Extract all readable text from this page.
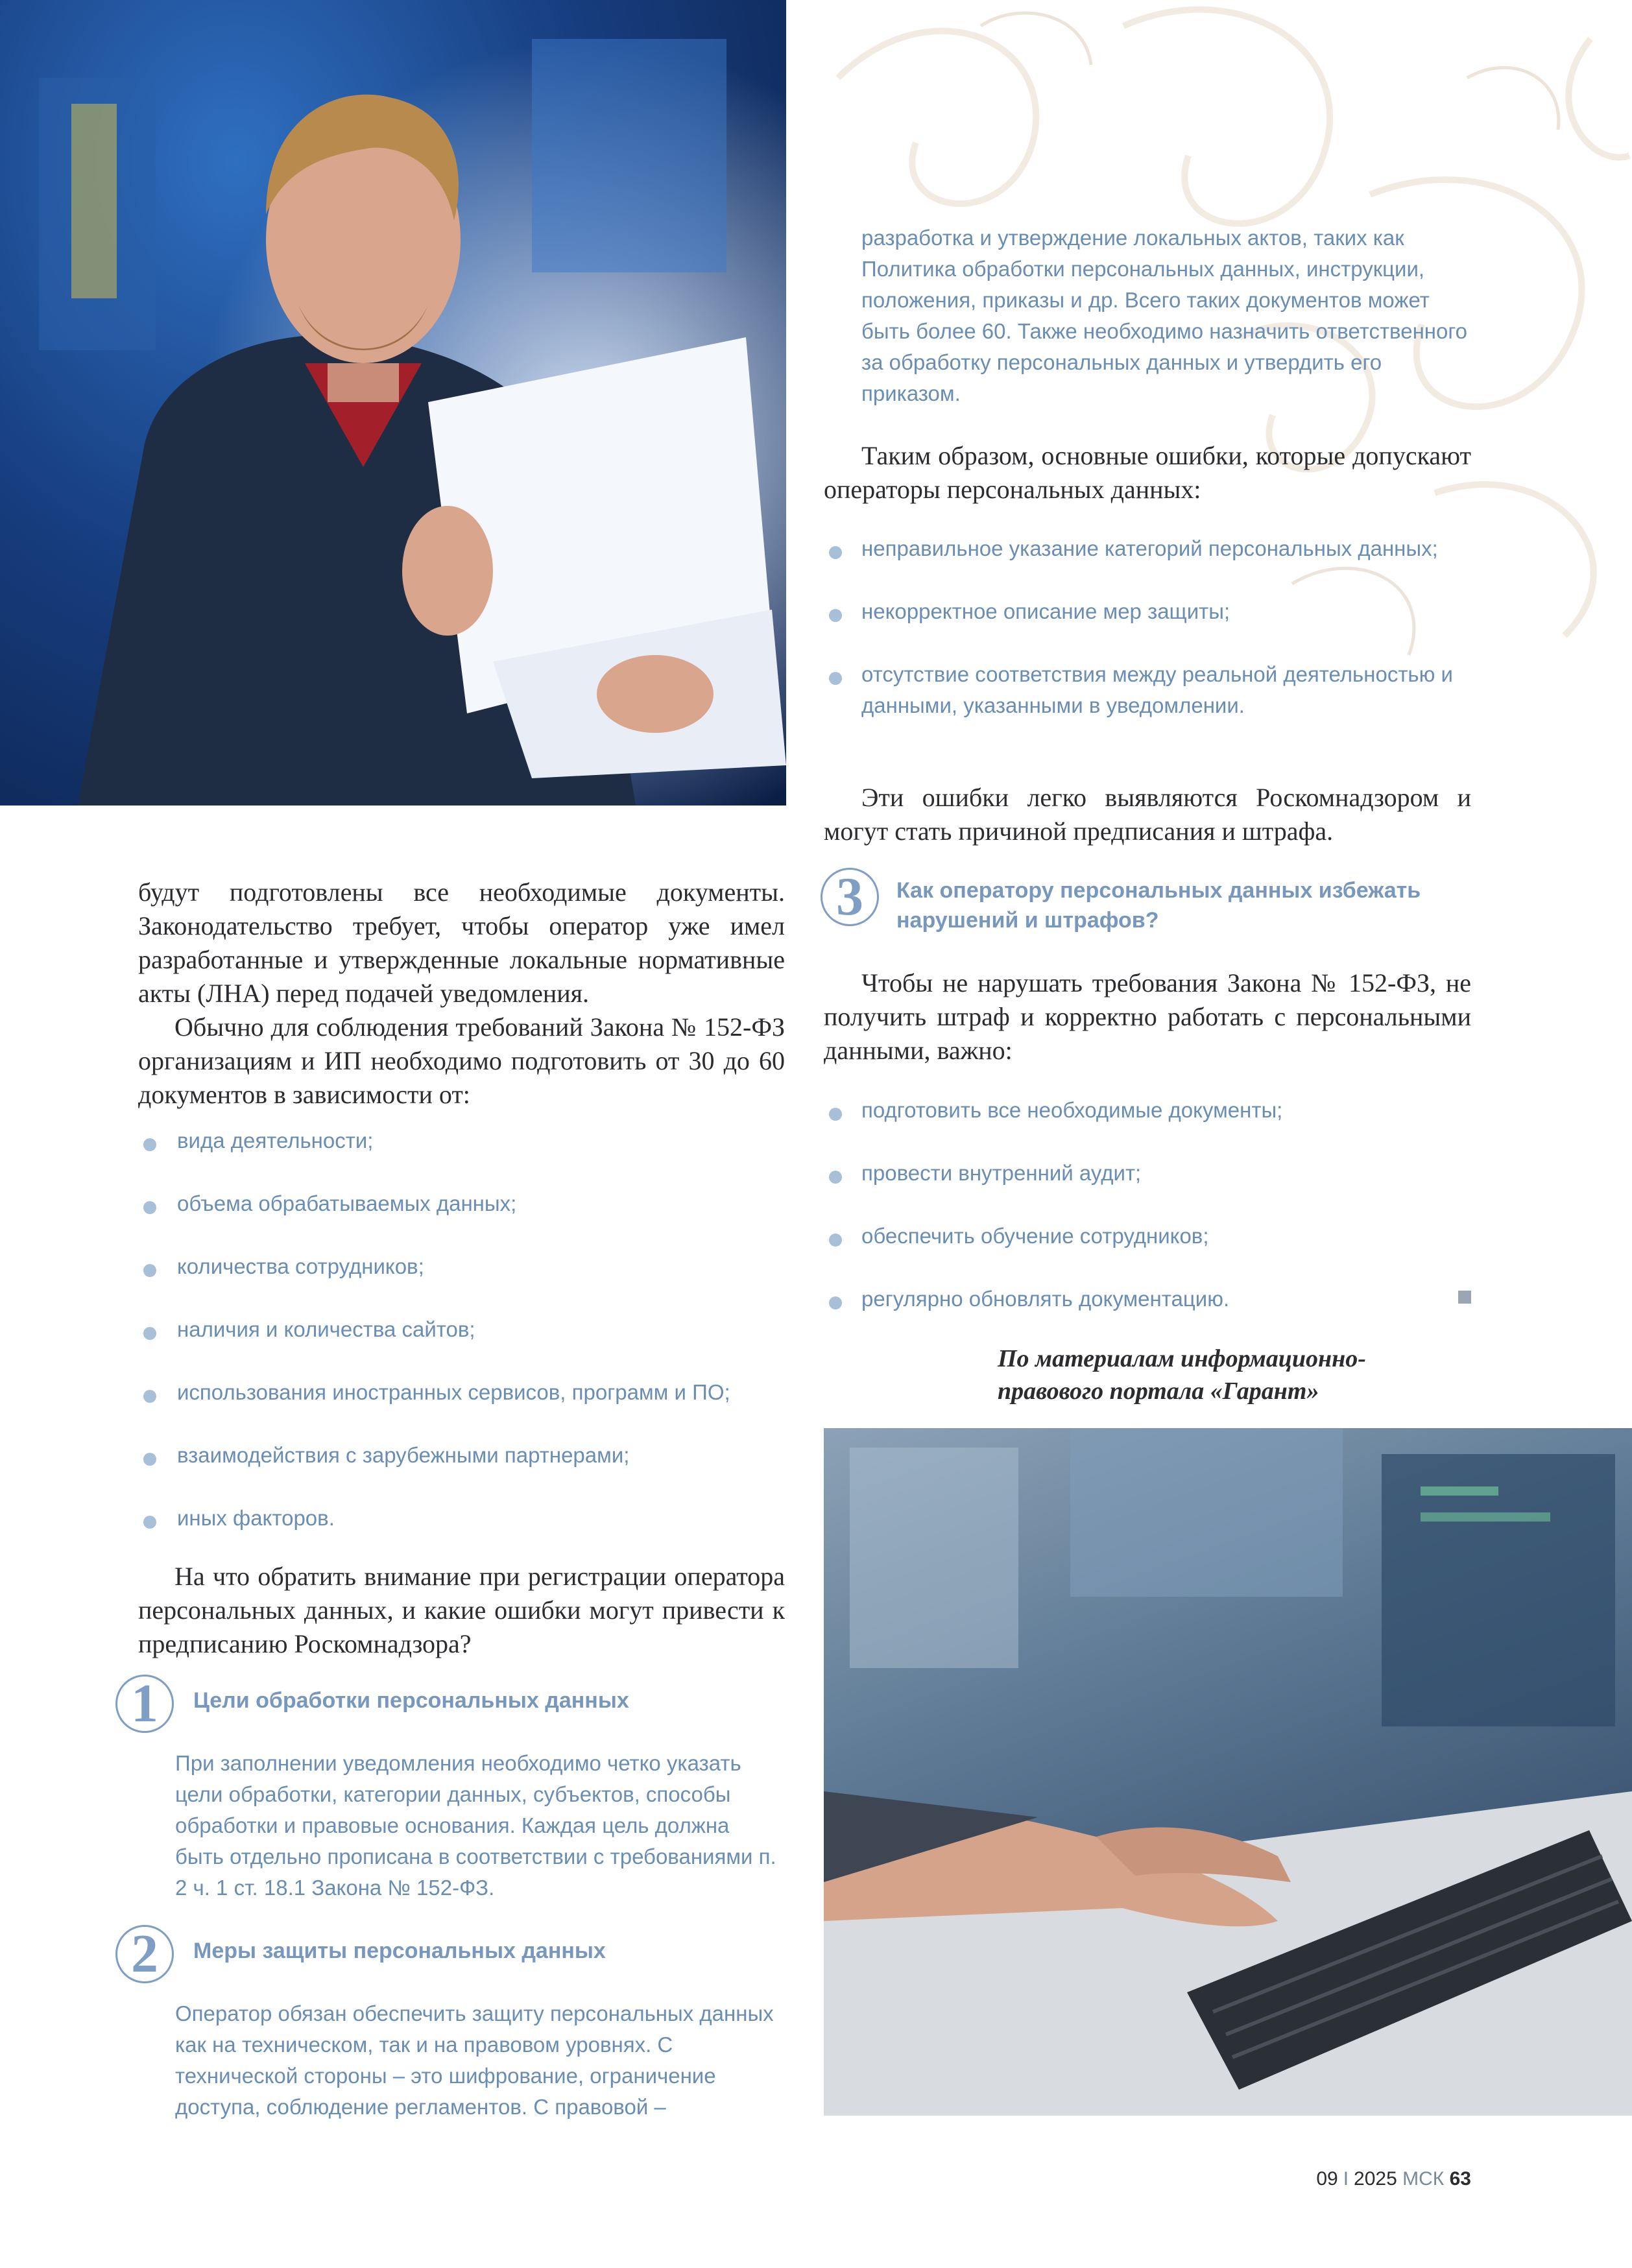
будут подготовлены все необходимые документы. Законодательство требует, чтобы оператор уже имел разработанные и утвержденные локальные нормативные акты (ЛНА) перед подачей уведомления.

Обычно для соблюдения требований Закона № 152-ФЗ организациям и ИП необходимо подготовить от 30 до 60 документов в зависимости от:

вида деятельности;
объема обрабатываемых данных;
количества сотрудников;
наличия и количества сайтов;
использования иностранных сервисов, программ и ПО;
взаимодействия с зарубежными партнерами;
иных факторов.

На что обратить внимание при регистрации оператора персональных данных, и какие ошибки могут привести к предписанию Роскомнадзора?

1	Цели обработки персональных данных

При заполнении уведомления необходимо четко указать цели обработки, категории данных, субъектов, способы обработки и правовые основания. Каждая цель должна быть отдельно прописана в соответствии с требованиями п. 2 ч. 1 ст. 18.1 Закона № 152-ФЗ.

2	Меры защиты персональных данных

Оператор обязан обеспечить защиту персональных данных как на техническом, так и на правовом уровнях. С технической стороны – это шифрование, ограничение доступа, соблюдение регламентов. С правовой –

разработка и утверждение локальных актов, таких как Политика обработки персональных данных, инструкции, положения, приказы и др. Всего таких документов может быть более 60. Также необходимо назначить ответственного за обработку персональных данных и утвердить его приказом.

Таким образом, основные ошибки, которые допускают операторы персональных данных:

неправильное указание категорий персональных данных;
некорректное описание мер защиты;
отсутствие соответствия между реальной деятельностью и данными, указанными в уведомлении.

Эти ошибки легко выявляются Роскомнадзором и могут стать причиной предписания и штрафа.

3	Как оператору персональных данных избежать нарушений и штрафов?

Чтобы не нарушать требования Закона № 152-ФЗ, не получить штраф и корректно работать с персональными данными, важно:

подготовить все необходимые документы;
провести внутренний аудит;
обеспечить обучение сотрудников;
регулярно обновлять документацию.

По материалам информационно-правового портала «Гарант»

09 I 2025 МСК 63
